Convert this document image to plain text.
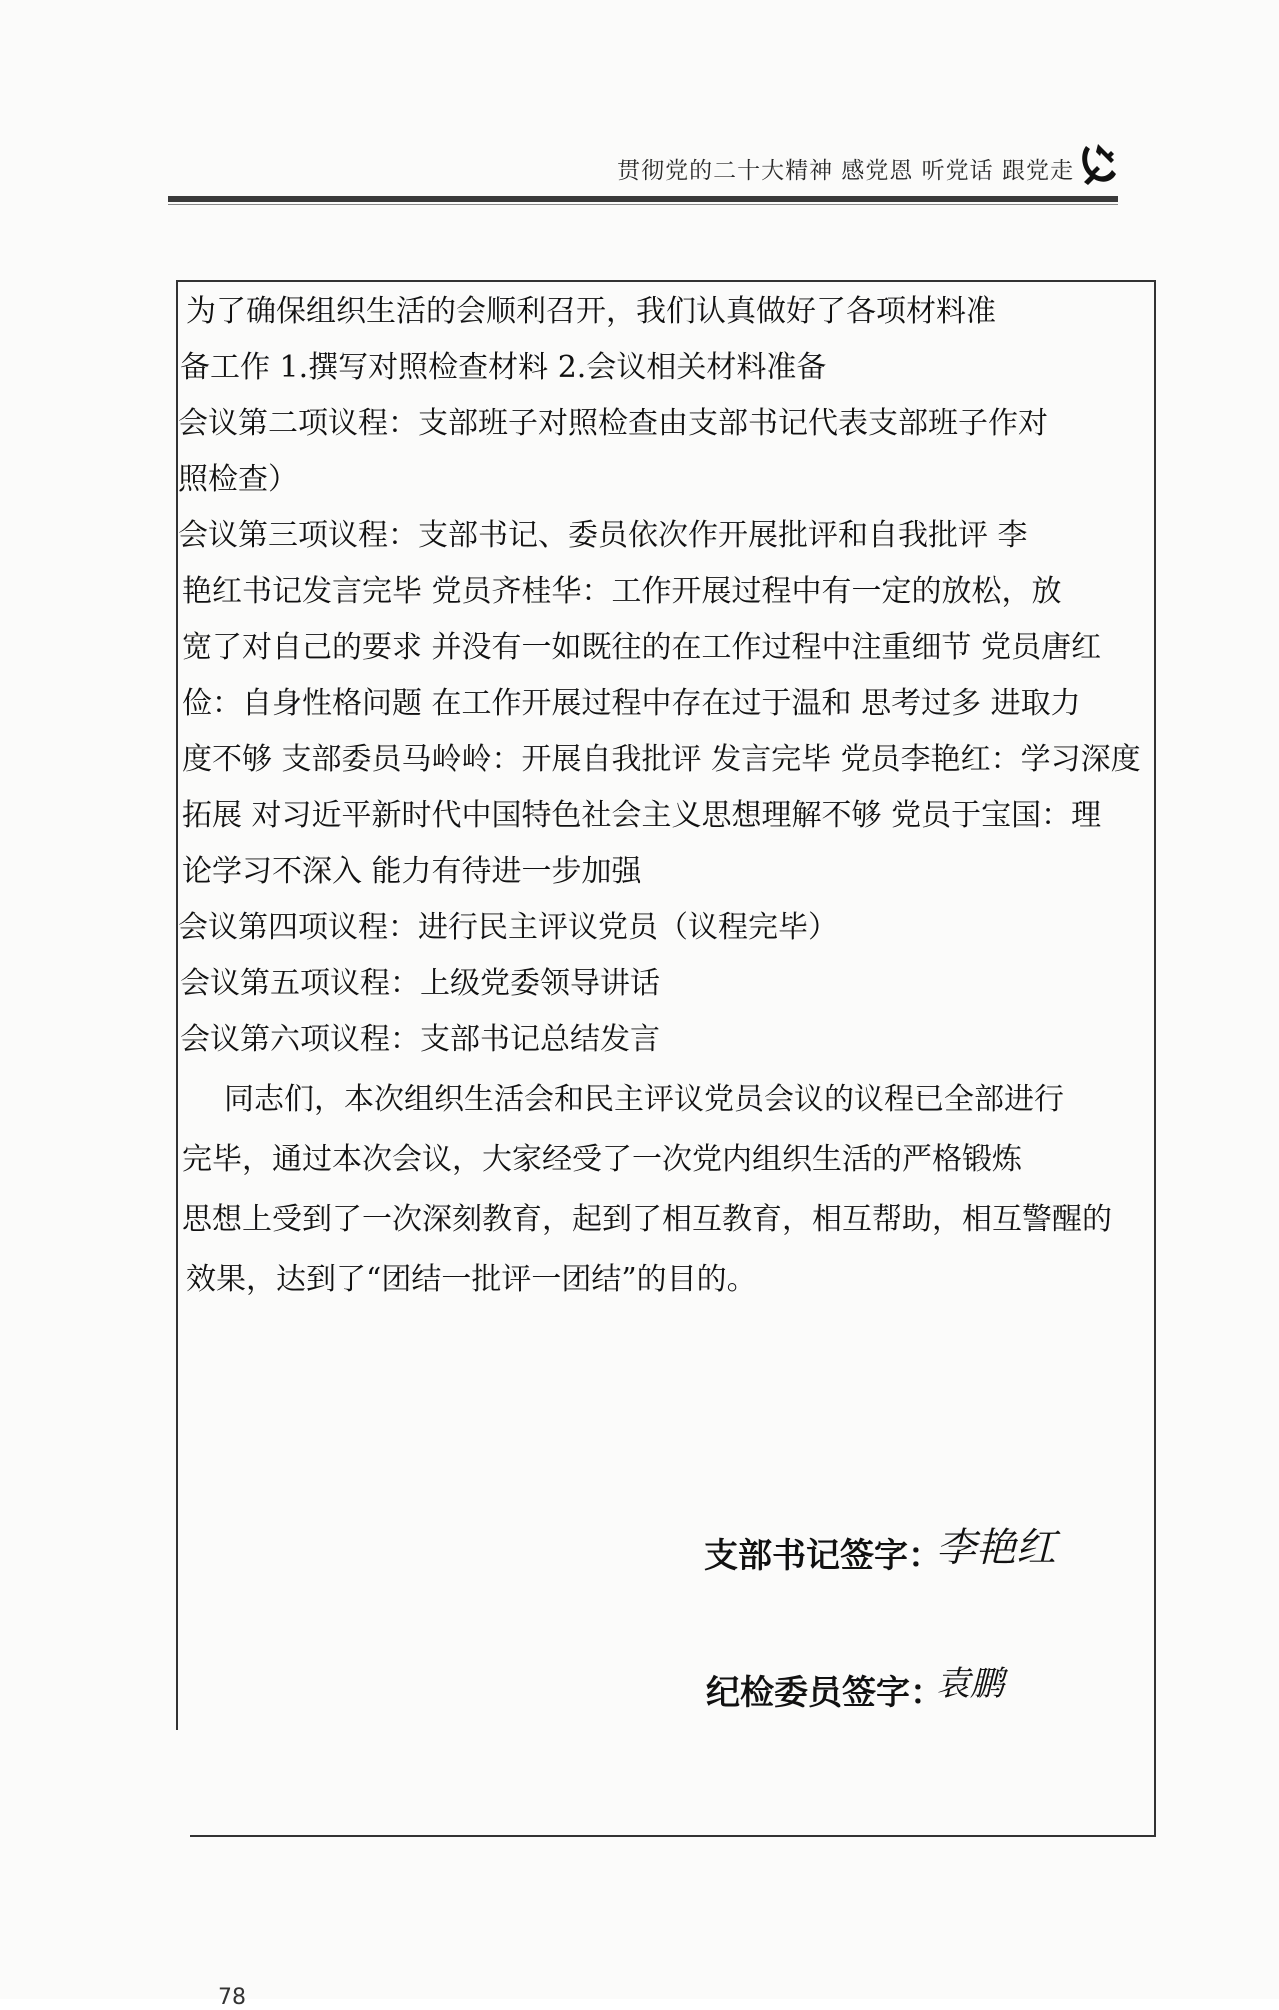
贯彻党的二十大精神 感党恩 听党话 跟党走
为了确保组织生活的会顺利召开，我们认真做好了各项材料准
备工作 1.撰写对照检查材料 2.会议相关材料准备
会议第二项议程：支部班子对照检查由支部书记代表支部班子作对
照检查）
会议第三项议程：支部书记、委员依次作开展批评和自我批评 李
艳红书记发言完毕 党员齐桂华：工作开展过程中有一定的放松，放
宽了对自己的要求 并没有一如既往的在工作过程中注重细节 党员唐红
俭：自身性格问题 在工作开展过程中存在过于温和 思考过多 进取力
度不够 支部委员马岭岭：开展自我批评 发言完毕 党员李艳红：学习深度
拓展 对习近平新时代中国特色社会主义思想理解不够 党员于宝国：理
论学习不深入 能力有待进一步加强
会议第四项议程：进行民主评议党员（议程完毕）
会议第五项议程：上级党委领导讲话
会议第六项议程：支部书记总结发言
同志们，本次组织生活会和民主评议党员会议的议程已全部进行
完毕，通过本次会议，大家经受了一次党内组织生活的严格锻炼
思想上受到了一次深刻教育，起到了相互教育，相互帮助，相互警醒的
效果，达到了“团结一批评一团结”的目的。
支部书记签字：
李艳红
纪检委员签字：
袁鹏
78
